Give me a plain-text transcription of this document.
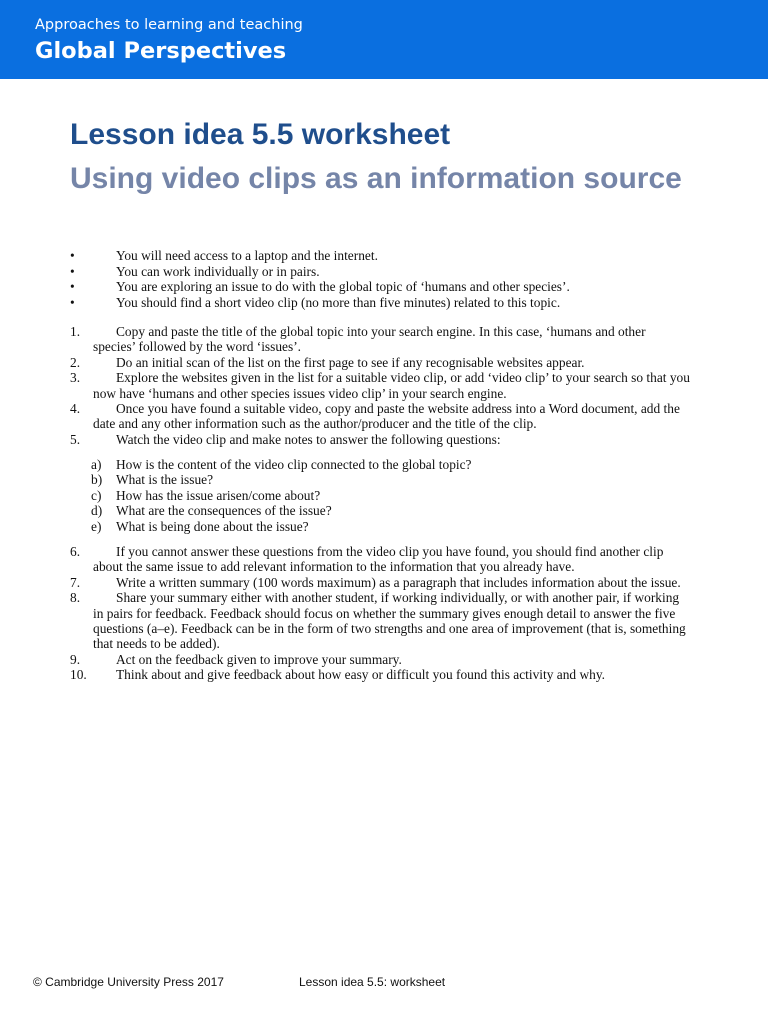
Approaches to learning and teaching
Global Perspectives
Lesson idea 5.5 worksheet
Using video clips as an information source
•	You will need access to a laptop and the internet.
•	You can work individually or in pairs.
•	You are exploring an issue to do with the global topic of ‘humans and other species’.
•	You should find a short video clip (no more than five minutes) related to this topic.
1.	Copy and paste the title of the global topic into your search engine. In this case, ‘humans and other species’ followed by the word ‘issues’.
2.	Do an initial scan of the list on the first page to see if any recognisable websites appear.
3.	Explore the websites given in the list for a suitable video clip, or add ‘video clip’ to your search so that you now have ‘humans and other species issues video clip’ in your search engine.
4.	Once you have found a suitable video, copy and paste the website address into a Word document, add the date and any other information such as the author/producer and the title of the clip.
5.	Watch the video clip and make notes to answer the following questions:
a) How is the content of the video clip connected to the global topic?
b) What is the issue?
c) How has the issue arisen/come about?
d) What are the consequences of the issue?
e) What is being done about the issue?
6.	If you cannot answer these questions from the video clip you have found, you should find another clip about the same issue to add relevant information to the information that you already have.
7.	Write a written summary (100 words maximum) as a paragraph that includes information about the issue.
8.	Share your summary either with another student, if working individually, or with another pair, if working in pairs for feedback. Feedback should focus on whether the summary gives enough detail to answer the five questions (a–e). Feedback can be in the form of two strengths and one area of improvement (that is, something that needs to be added).
9.	Act on the feedback given to improve your summary.
10.	Think about and give feedback about how easy or difficult you found this activity and why.
© Cambridge University Press 2017	Lesson idea 5.5: worksheet
